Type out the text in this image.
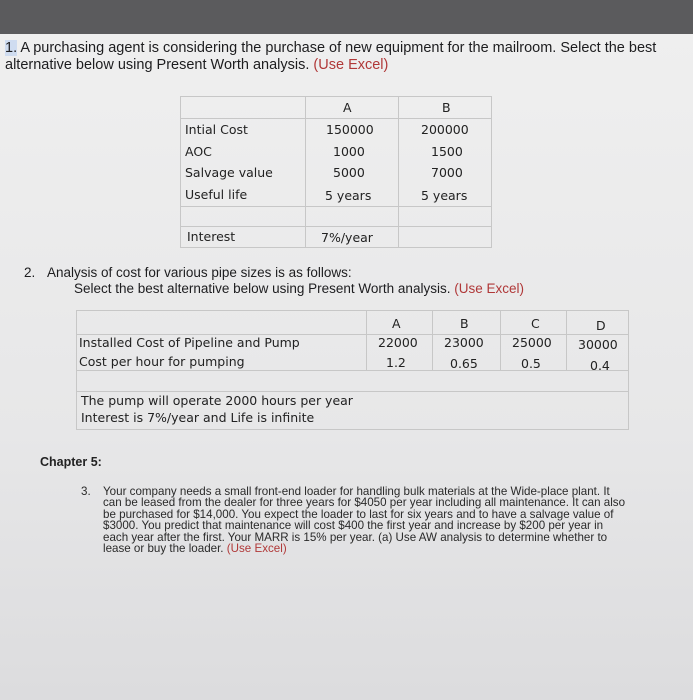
1. A purchasing agent is considering the purchase of new equipment for the mailroom. Select the best alternative below using Present Worth analysis. (Use Excel)
A	B
Intial Cost	150000	200000
AOC	1000	1500
Salvage value	5000	7000
Useful life	5 years	5 years
Interest	7%/year
2. Analysis of cost for various pipe sizes is as follows:
Select the best alternative below using Present Worth analysis. (Use Excel)
A	B	C	D
Installed Cost of Pipeline and Pump	22000 23000 25000 30000
Cost per hour for pumping	1.2	0.65	0.5	0.4
The pump will operate 2000 hours per year
Interest is 7%/year and Life is infinite
Chapter 5:
3. Your company needs a small front-end loader for handling bulk materials at the Wide-place plant. It can be leased from the dealer for three years for $4050 per year including all maintenance. It can also be purchased for $14,000. You expect the loader to last for six years and to have a salvage value of $3000. You predict that maintenance will cost $400 the first year and increase by $200 per year in each year after the first. Your MARR is 15% per year. (a) Use AW analysis to determine whether to lease or buy the loader. (Use Excel)
